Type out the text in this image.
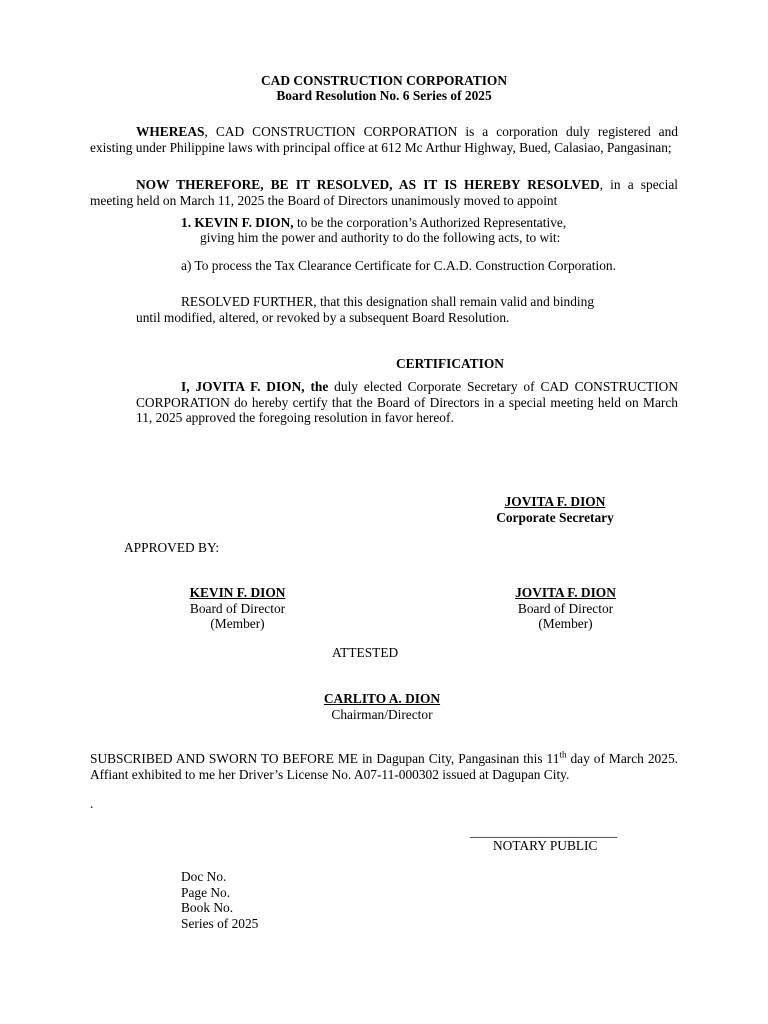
CAD CONSTRUCTION CORPORATION
Board Resolution No. 6 Series of 2025
WHEREAS, CAD CONSTRUCTION CORPORATION is a corporation duly registered and existing under Philippine laws with principal office at 612 Mc Arthur Highway, Bued, Calasiao, Pangasinan;
NOW THEREFORE, BE IT RESOLVED, AS IT IS HEREBY RESOLVED, in a special meeting held on March 11, 2025 the Board of Directors unanimously moved to appoint
1. KEVIN F. DION, to be the corporation’s Authorized Representative,
giving him the power and authority to do the following acts, to wit:
a) To process the Tax Clearance Certificate for C.A.D. Construction Corporation.
RESOLVED FURTHER, that this designation shall remain valid and binding
until modified, altered, or revoked by a subsequent Board Resolution.
CERTIFICATION
I, JOVITA F. DION, the duly elected Corporate Secretary of CAD CONSTRUCTION CORPORATION do hereby certify that the Board of Directors in a special meeting held on March 11, 2025 approved the foregoing resolution in favor hereof.
JOVITA F. DION
Corporate Secretary
APPROVED BY:
KEVIN F. DION
Board of Director
(Member)
JOVITA F. DION
Board of Director
(Member)
ATTESTED
CARLITO A. DION
Chairman/Director
SUBSCRIBED AND SWORN TO BEFORE ME in Dagupan City, Pangasinan this 11th day of March 2025. Affiant exhibited to me her Driver’s License No. A07-11-000302 issued at Dagupan City.
.
______________________
NOTARY PUBLIC
Doc No.
Page No.
Book No.
Series of 2025
